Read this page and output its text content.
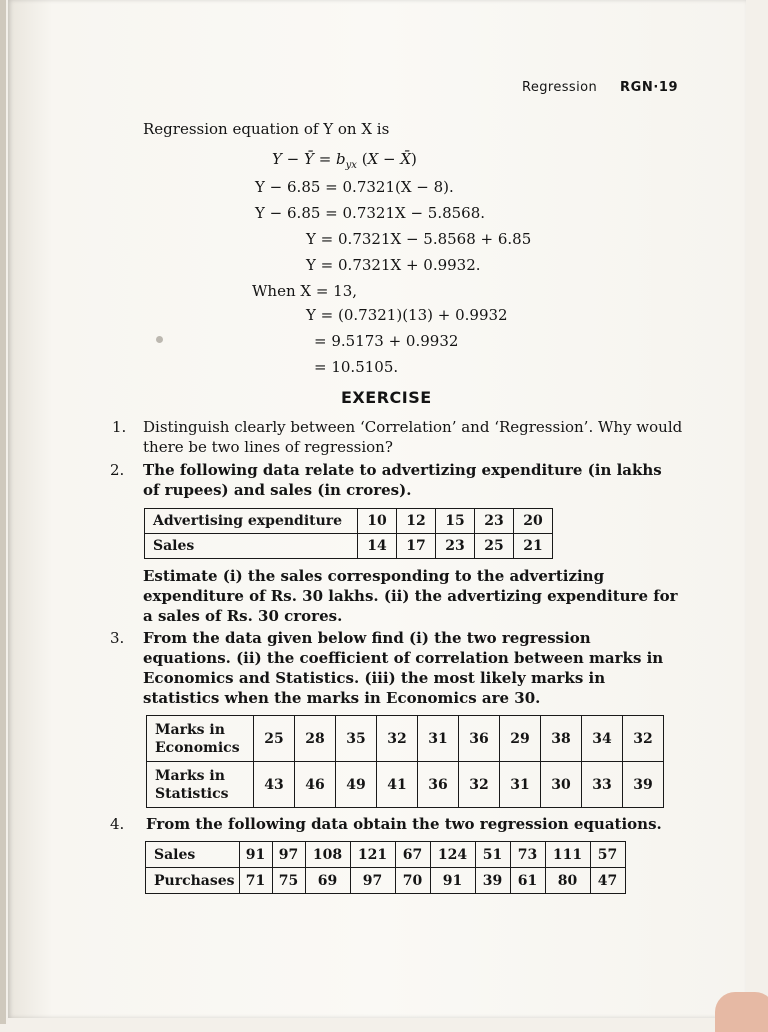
Regression RGN·19
Regression equation of Y on X is
Y − Ȳ = $b_{yx}$ (X − X̄)
Y − 6.85 = 0.7321(X − 8).
Y − 6.85 = 0.7321X − 5.8568.
Y = 0.7321X − 5.8568 + 6.85
Y = 0.7321X + 0.9932.
When X = 13,
Y = (0.7321)(13) + 0.9932
= 9.5173 + 0.9932
= 10.5105.
EXERCISE
1. Distinguish clearly between ‘Correlation’ and ‘Regression’. Why would there be two lines of regression?
2. The following data relate to advertizing expenditure (in lakhs of rupees) and sales (in crores).
Advertising expenditure	10	12	15	23	20
Sales	14	17	23	25	21
Estimate (i) the sales corresponding to the advertizing expenditure of Rs. 30 lakhs. (ii) the advertizing expenditure for a sales of Rs. 30 crores.
3. From the data given below find (i) the two regression equations. (ii) the coefficient of correlation between marks in Economics and Statistics. (iii) the most likely marks in statistics when the marks in Economics are 30.
Marks in Economics	25	28	35	32	31	36	29	38	34	32
Marks in Statistics	43	46	49	41	36	32	31	30	33	39
4. From the following data obtain the two regression equations.
Sales	91	97	108	121	67	124	51	73	111	57
Purchases	71	75	69	97	70	91	39	61	80	47
